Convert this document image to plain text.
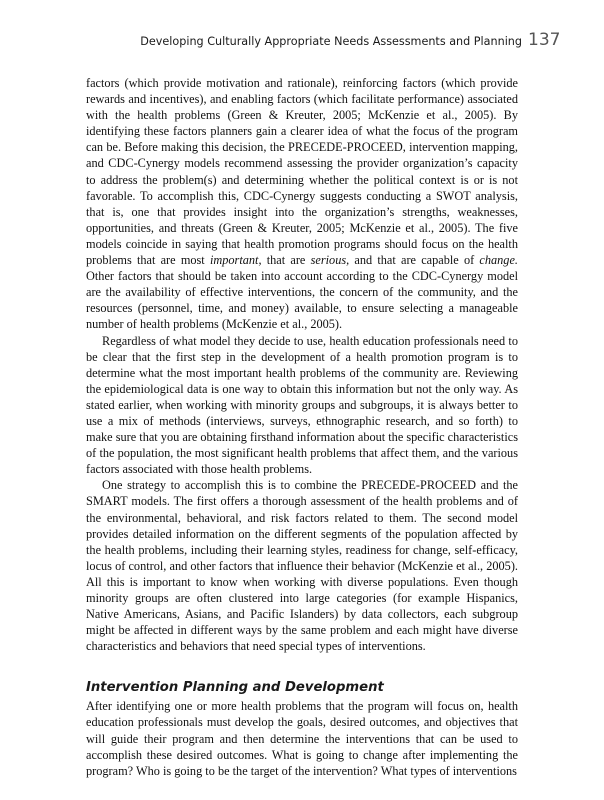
Developing Culturally Appropriate Needs Assessments and Planning 137

factors (which provide motivation and rationale), reinforcing factors (which provide rewards and incentives), and enabling factors (which facilitate performance) associated with the health problems (Green & Kreuter, 2005; McKenzie et al., 2005). By identifying these factors planners gain a clearer idea of what the focus of the program can be. Before making this decision, the PRECEDE-PROCEED, intervention mapping, and CDC-Cynergy models recommend assessing the provider organization’s capacity to address the problem(s) and determining whether the political context is or is not favorable. To accomplish this, CDC-Cynergy suggests conducting a SWOT analysis, that is, one that provides insight into the organization’s strengths, weaknesses, opportunities, and threats (Green & Kreuter, 2005; McKenzie et al., 2005). The five models coincide in saying that health promotion programs should focus on the health problems that are most important, that are serious, and that are capable of change. Other factors that should be taken into account according to the CDC-Cynergy model are the availability of effective interventions, the concern of the community, and the resources (personnel, time, and money) available, to ensure selecting a manageable number of health problems (McKenzie et al., 2005).

Regardless of what model they decide to use, health education professionals need to be clear that the first step in the development of a health promotion program is to determine what the most important health problems of the community are. Reviewing the epidemiological data is one way to obtain this information but not the only way. As stated earlier, when working with minority groups and subgroups, it is always better to use a mix of methods (interviews, surveys, ethnographic research, and so forth) to make sure that you are obtaining firsthand information about the specific characteristics of the population, the most significant health problems that affect them, and the various factors associated with those health problems.

One strategy to accomplish this is to combine the PRECEDE-PROCEED and the SMART models. The first offers a thorough assessment of the health problems and of the environmental, behavioral, and risk factors related to them. The second model provides detailed information on the different segments of the population affected by the health problems, including their learning styles, readiness for change, self-efficacy, locus of control, and other factors that influence their behavior (McKenzie et al., 2005). All this is important to know when working with diverse populations. Even though minority groups are often clustered into large categories (for example Hispanics, Native Americans, Asians, and Pacific Islanders) by data collectors, each subgroup might be affected in different ways by the same problem and each might have diverse characteristics and behaviors that need special types of interventions.

Intervention Planning and Development

After identifying one or more health problems that the program will focus on, health education professionals must develop the goals, desired outcomes, and objectives that will guide their program and then determine the interventions that can be used to accomplish these desired outcomes. What is going to change after implementing the program? Who is going to be the target of the intervention? What types of interventions
